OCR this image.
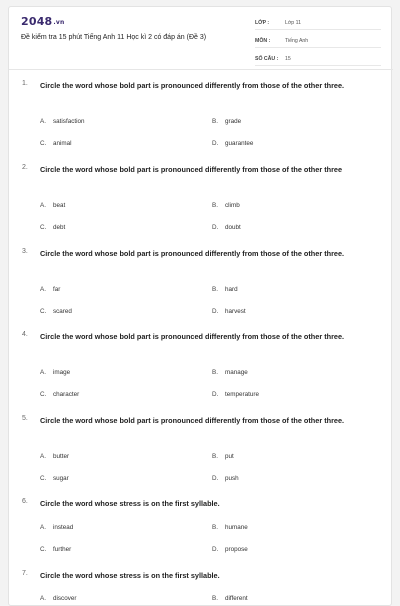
2048.vn
Đề kiểm tra 15 phút Tiếng Anh 11 Học kì 2 có đáp án (Đề 3)
LỚP :	Lớp 11
MÔN :	Tiếng Anh
SỐ CÂU :	15
1. Circle the word whose bold part is pronounced differently from those of the other three.
A. satisfaction	B. grade
C. animal	D. guarantee
2. Circle the word whose bold part is pronounced differently from those of the other three
A. beat	B. climb
C. debt	D. doubt
3. Circle the word whose bold part is pronounced differently from those of the other three.
A. far	B. hard
C. scared	D. harvest
4. Circle the word whose bold part is pronounced differently from those of the other three.
A. image	B. manage
C. character	D. temperature
5. Circle the word whose bold part is pronounced differently from those of the other three.
A. butter	B. put
C. sugar	D. push
6. Circle the word whose stress is on the first syllable.
A. instead	B. humane
C. further	D. propose
7. Circle the word whose stress is on the first syllable.
A. discover	B. different
